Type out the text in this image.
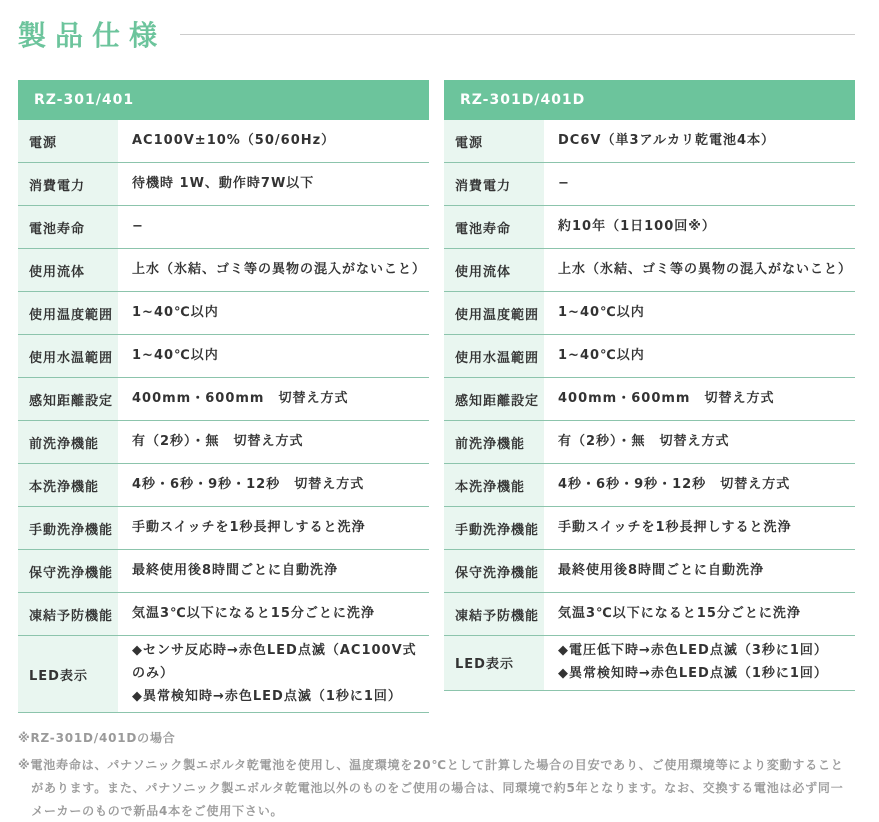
製品仕様
RZ-301/401
電源	AC100V±10%（50/60Hz）
消費電力	待機時 1W、動作時7W以下
電池寿命	−
使用流体	上水（氷結、ゴミ等の異物の混入がないこと）
使用温度範囲	1~40℃以内
使用水温範囲	1~40℃以内
感知距離設定	400mm・600mm　切替え方式
前洗浄機能	有（2秒）・無　切替え方式
本洗浄機能	4秒・6秒・9秒・12秒　切替え方式
手動洗浄機能	手動スイッチを1秒長押しすると洗浄
保守洗浄機能	最終使用後8時間ごとに自動洗浄
凍結予防機能	気温3℃以下になると15分ごとに洗浄
LED表示
◆センサ反応時→赤色LED点滅（AC100V式のみ）
◆異常検知時→赤色LED点滅（1秒に1回）
RZ-301D/401D
電源	DC6V（単3アルカリ乾電池4本）
消費電力	−
電池寿命	約10年（1日100回※）
使用流体	上水（氷結、ゴミ等の異物の混入がないこと）
使用温度範囲	1~40℃以内
使用水温範囲	1~40℃以内
感知距離設定	400mm・600mm　切替え方式
前洗浄機能	有（2秒）・無　切替え方式
本洗浄機能	4秒・6秒・9秒・12秒　切替え方式
手動洗浄機能	手動スイッチを1秒長押しすると洗浄
保守洗浄機能	最終使用後8時間ごとに自動洗浄
凍結予防機能	気温3℃以下になると15分ごとに洗浄
LED表示
◆電圧低下時→赤色LED点滅（3秒に1回）
◆異常検知時→赤色LED点滅（1秒に1回）
※RZ-301D/401Dの場合
※電池寿命は、パナソニック製エボルタ乾電池を使用し、温度環境を20℃として計算した場合の目安であり、ご使用環境等により変動することがあります。また、パナソニック製エボルタ乾電池以外のものをご使用の場合は、同環境で約5年となります。なお、交換する電池は必ず同一メーカーのもので新品4本をご使用下さい。
